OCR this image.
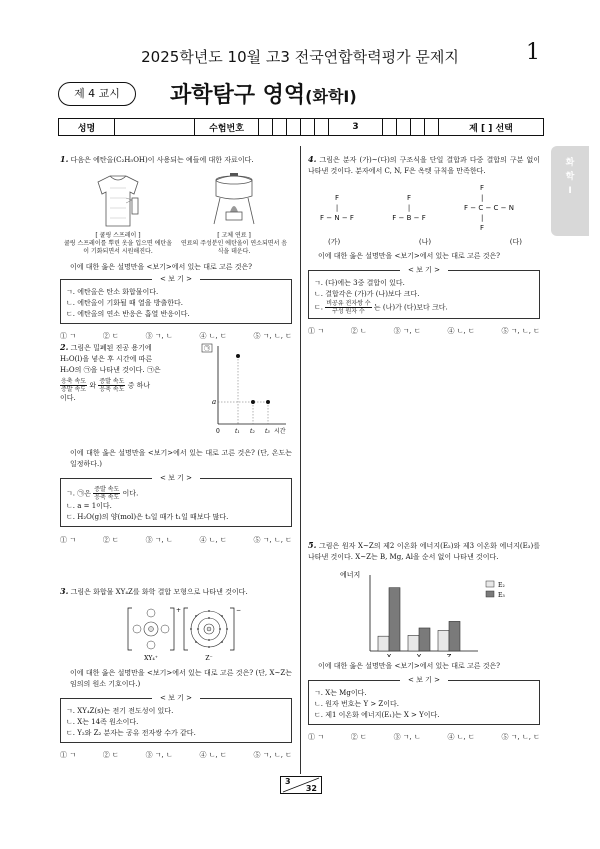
2025학년도 10월 고3 전국연합학력평가 문제지	1
제 4 교시	과학탐구 영역(화학Ⅰ)
성명	수험번호	3	제 [ ] 선택
화
학
Ⅰ
1. 다음은 에탄올(C₂H₅OH)이 사용되는 예들에 대한 자료이다.
[ 쿨링 스프레이 ]
쿨링 스프레이를 뿌린 옷을 입으면 에탄올이 기화되면서 시원해진다.
[ 고체 연료 ]
연료의 주성분인 에탄올이 연소되면서 음식을 데운다.
이에 대한 옳은 설명만을 <보기>에서 있는 대로 고른 것은?
< 보 기 >
ㄱ. 에탄올은 탄소 화합물이다.
ㄴ. 에탄올이 기화될 때 열을 방출한다.
ㄷ. 에탄올의 연소 반응은 흡열 반응이다.
① ㄱ	② ㄷ	③ ㄱ, ㄴ	④ ㄴ, ㄷ	⑤ ㄱ, ㄴ, ㄷ
2. 그림은 밀폐된 진공 용기에
H₂O(l)을 넣은 후 시간에 따른
H₂O의 ㉠을 나타낸 것이다. ㉠은
$\frac{\text{응축 속도}}{\text{증발 속도}}$ 와 $\frac{\text{증발 속도}}{\text{응축 속도}}$ 중 하나
이다.
㉠
a
0	t₁ t₂ t₃ 시간
이에 대한 옳은 설명만을 <보기>에서 있는 대로 고른 것은? (단, 온도는 일정하다.)
< 보 기 >
ㄱ. ㉠은 $\frac{\text{증발 속도}}{\text{응축 속도}}$ 이다.
ㄴ. a = 1이다.
ㄷ. H₂O(g)의 양(mol)은 t₃일 때가 t₁일 때보다 많다.
① ㄱ	② ㄷ	③ ㄱ, ㄴ	④ ㄴ, ㄷ	⑤ ㄱ, ㄴ, ㄷ
3. 그림은 화합물 XY₄Z를 화학 결합 모형으로 나타낸 것이다.
+	−
XY₄⁺	Z⁻
이에 대한 옳은 설명만을 <보기>에서 있는 대로 고른 것은? (단, X~Z는 임의의 원소 기호이다.)
< 보 기 >
ㄱ. XY₄Z(s)는 전기 전도성이 있다.
ㄴ. X는 14족 원소이다.
ㄷ. Y₂와 Z₂ 분자는 공유 전자쌍 수가 같다.
① ㄱ	② ㄷ	③ ㄱ, ㄴ	④ ㄴ, ㄷ	⑤ ㄱ, ㄴ, ㄷ
4. 그림은 분자 (가)~(다)의 구조식을 단일 결합과 다중 결합의 구분 없이 나타낸 것이다. 분자에서 C, N, F은 옥텟 규칙을 만족한다.
F
|
F − N − F
F
|
F − B − F
F
|
F − C − C − N
|
F
(가)	(나)	(다)
이에 대한 옳은 설명만을 <보기>에서 있는 대로 고른 것은?
< 보 기 >
ㄱ. (다)에는 3중 결합이 있다.
ㄴ. 결합각은 (가)가 (나)보다 크다.
ㄷ. $\frac{\text{비공유 전자쌍 수}}{\text{구성 원자 수}}$ 는 (나)가 (다)보다 크다.
① ㄱ	② ㄴ	③ ㄱ, ㄷ	④ ㄴ, ㄷ	⑤ ㄱ, ㄴ, ㄷ
5. 그림은 원자 X~Z의 제2 이온화 에너지(E₂)와 제3 이온화 에너지(E₃)를 나타낸 것이다. X~Z는 B, Mg, Al을 순서 없이 나타낸 것이다.
에너지
X	Y	Z
E₂
E₃
이에 대한 옳은 설명만을 <보기>에서 있는 대로 고른 것은?
< 보 기 >
ㄱ. X는 Mg이다.
ㄴ. 원자 번호는 Y > Z이다.
ㄷ. 제1 이온화 에너지(E₁)는 X > Y이다.
① ㄱ	② ㄷ	③ ㄱ, ㄴ	④ ㄴ, ㄷ	⑤ ㄱ, ㄴ, ㄷ
3
32
